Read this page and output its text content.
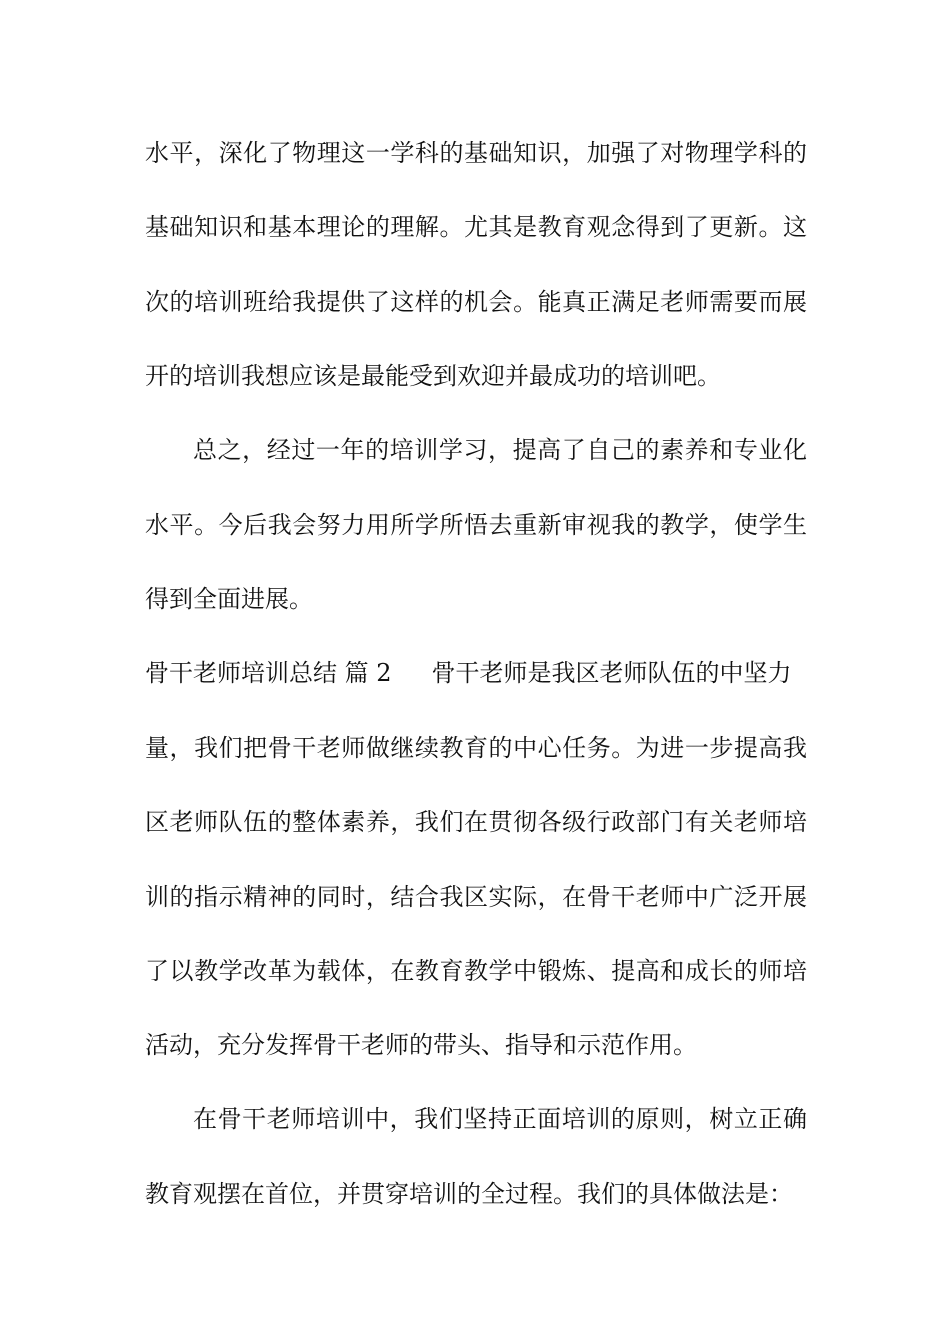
水平，深化了物理这一学科的基础知识，加强了对物理学科的
基础知识和基本理论的理解。尤其是教育观念得到了更新。这
次的培训班给我提供了这样的机会。能真正满足老师需要而展
开的培训我想应该是最能受到欢迎并最成功的培训吧。
总之，经过一年的培训学习，提高了自己的素养和专业化
水平。今后我会努力用所学所悟去重新审视我的教学，使学生
得到全面进展。
骨干老师培训总结 篇 2 骨干老师是我区老师队伍的中坚力
量，我们把骨干老师做继续教育的中心任务。为进一步提高我
区老师队伍的整体素养，我们在贯彻各级行政部门有关老师培
训的指示精神的同时，结合我区实际，在骨干老师中广泛开展
了以教学改革为载体，在教育教学中锻炼、提高和成长的师培
活动，充分发挥骨干老师的带头、指导和示范作用。
在骨干老师培训中，我们坚持正面培训的原则，树立正确
教育观摆在首位，并贯穿培训的全过程。我们的具体做法是：
